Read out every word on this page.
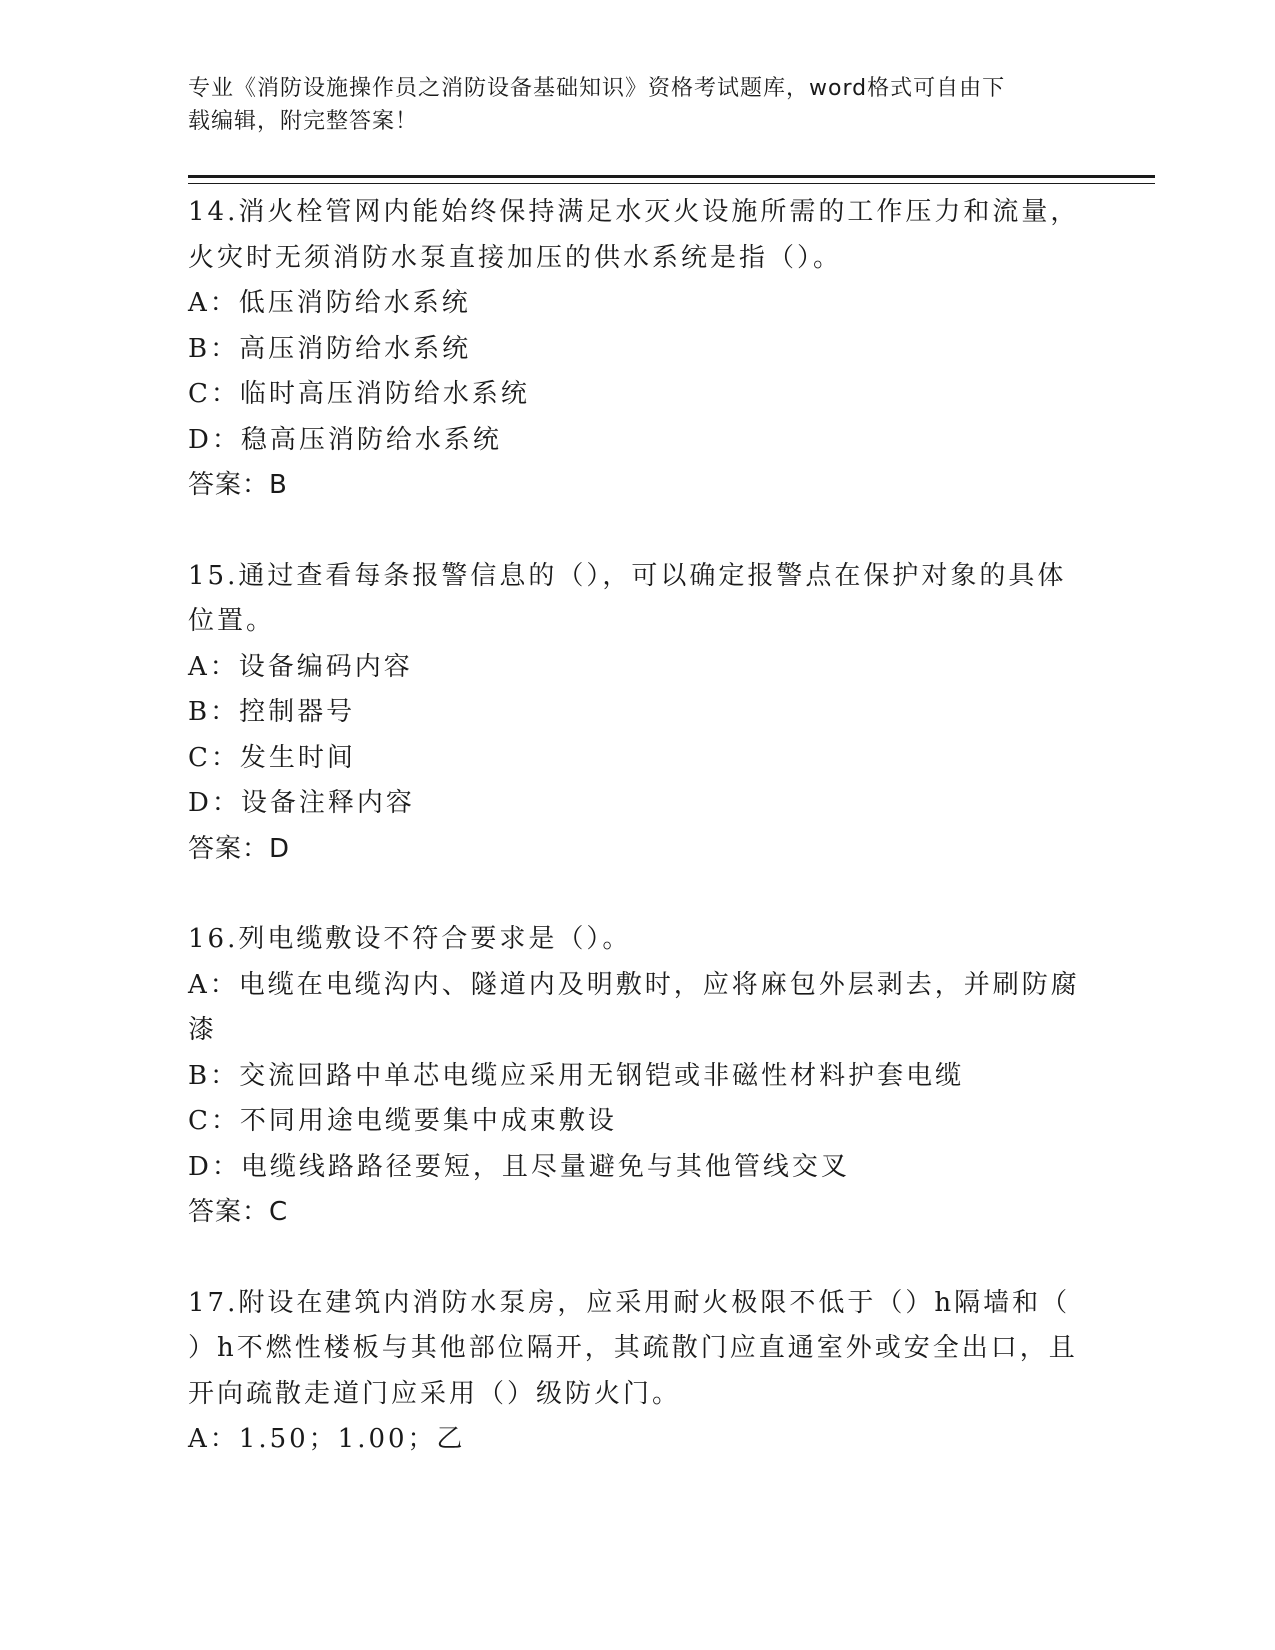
专业《消防设施操作员之消防设备基础知识》资格考试题库，word格式可自由下
载编辑，附完整答案！
14.消火栓管网内能始终保持满足水灭火设施所需的工作压力和流量，
火灾时无须消防水泵直接加压的供水系统是指（）。
A：低压消防给水系统
B：高压消防给水系统
C：临时高压消防给水系统
D：稳高压消防给水系统
答案：B
15.通过查看每条报警信息的（），可以确定报警点在保护对象的具体
位置。
A：设备编码内容
B：控制器号
C：发生时间
D：设备注释内容
答案：D
16.列电缆敷设不符合要求是（）。
A：电缆在电缆沟内、隧道内及明敷时，应将麻包外层剥去，并刷防腐
漆
B：交流回路中单芯电缆应采用无钢铠或非磁性材料护套电缆
C：不同用途电缆要集中成束敷设
D：电缆线路路径要短，且尽量避免与其他管线交叉
答案：C
17.附设在建筑内消防水泵房，应采用耐火极限不低于（）h隔墙和（
）h不燃性楼板与其他部位隔开，其疏散门应直通室外或安全出口，且
开向疏散走道门应采用（）级防火门。
A：1.50；1.00；乙
